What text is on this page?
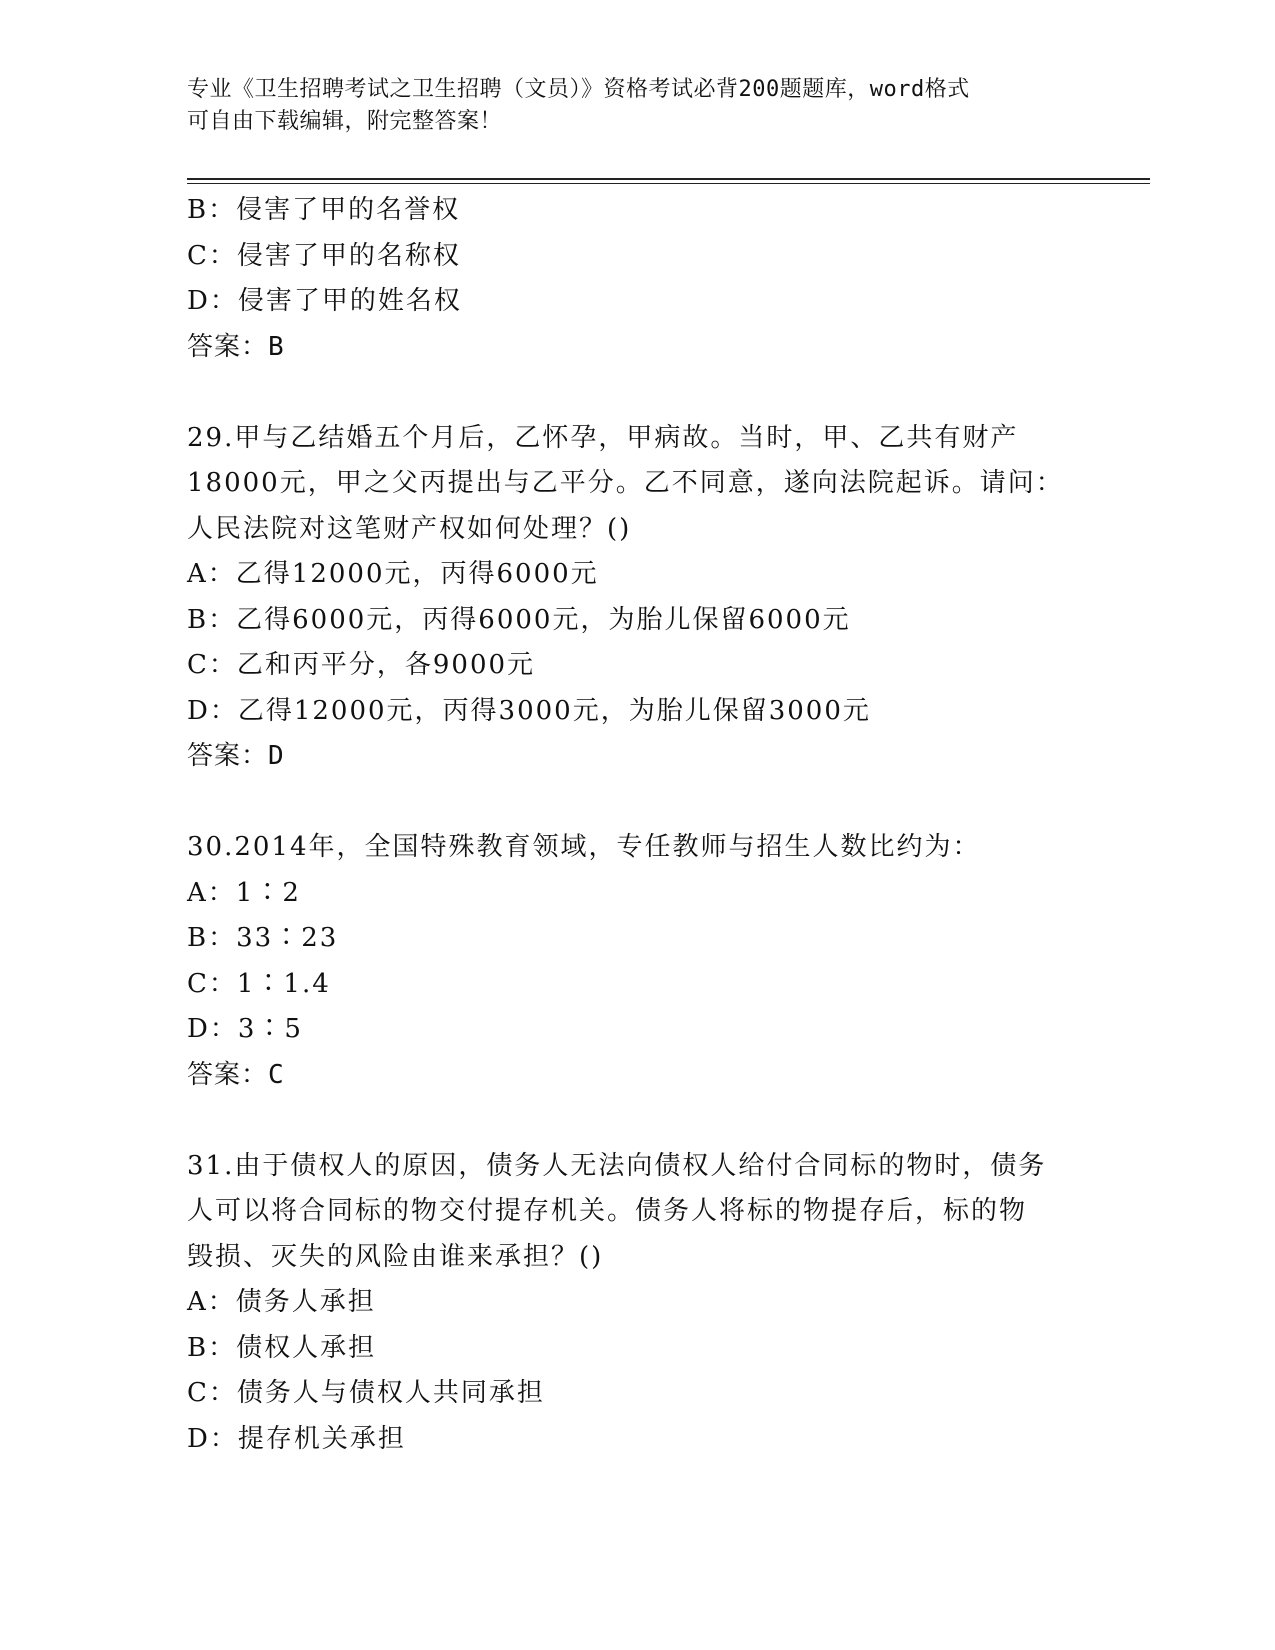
专业《卫生招聘考试之卫生招聘（文员）》资格考试必背200题题库，word格式
可自由下载编辑，附完整答案！
B：侵害了甲的名誉权
C：侵害了甲的名称权
D：侵害了甲的姓名权
答案：B
29.甲与乙结婚五个月后，乙怀孕，甲病故。当时，甲、乙共有财产
18000元，甲之父丙提出与乙平分。乙不同意，遂向法院起诉。请问：
人民法院对这笔财产权如何处理？()
A：乙得12000元，丙得6000元
B：乙得6000元，丙得6000元，为胎儿保留6000元
C：乙和丙平分，各9000元
D：乙得12000元，丙得3000元，为胎儿保留3000元
答案：D
30.2014年，全国特殊教育领域，专任教师与招生人数比约为：
A：1∶2
B：33∶23
C：1∶1.4
D：3∶5
答案：C
31.由于债权人的原因，债务人无法向债权人给付合同标的物时，债务
人可以将合同标的物交付提存机关。债务人将标的物提存后，标的物
毁损、灭失的风险由谁来承担？()
A：债务人承担
B：债权人承担
C：债务人与债权人共同承担
D：提存机关承担
